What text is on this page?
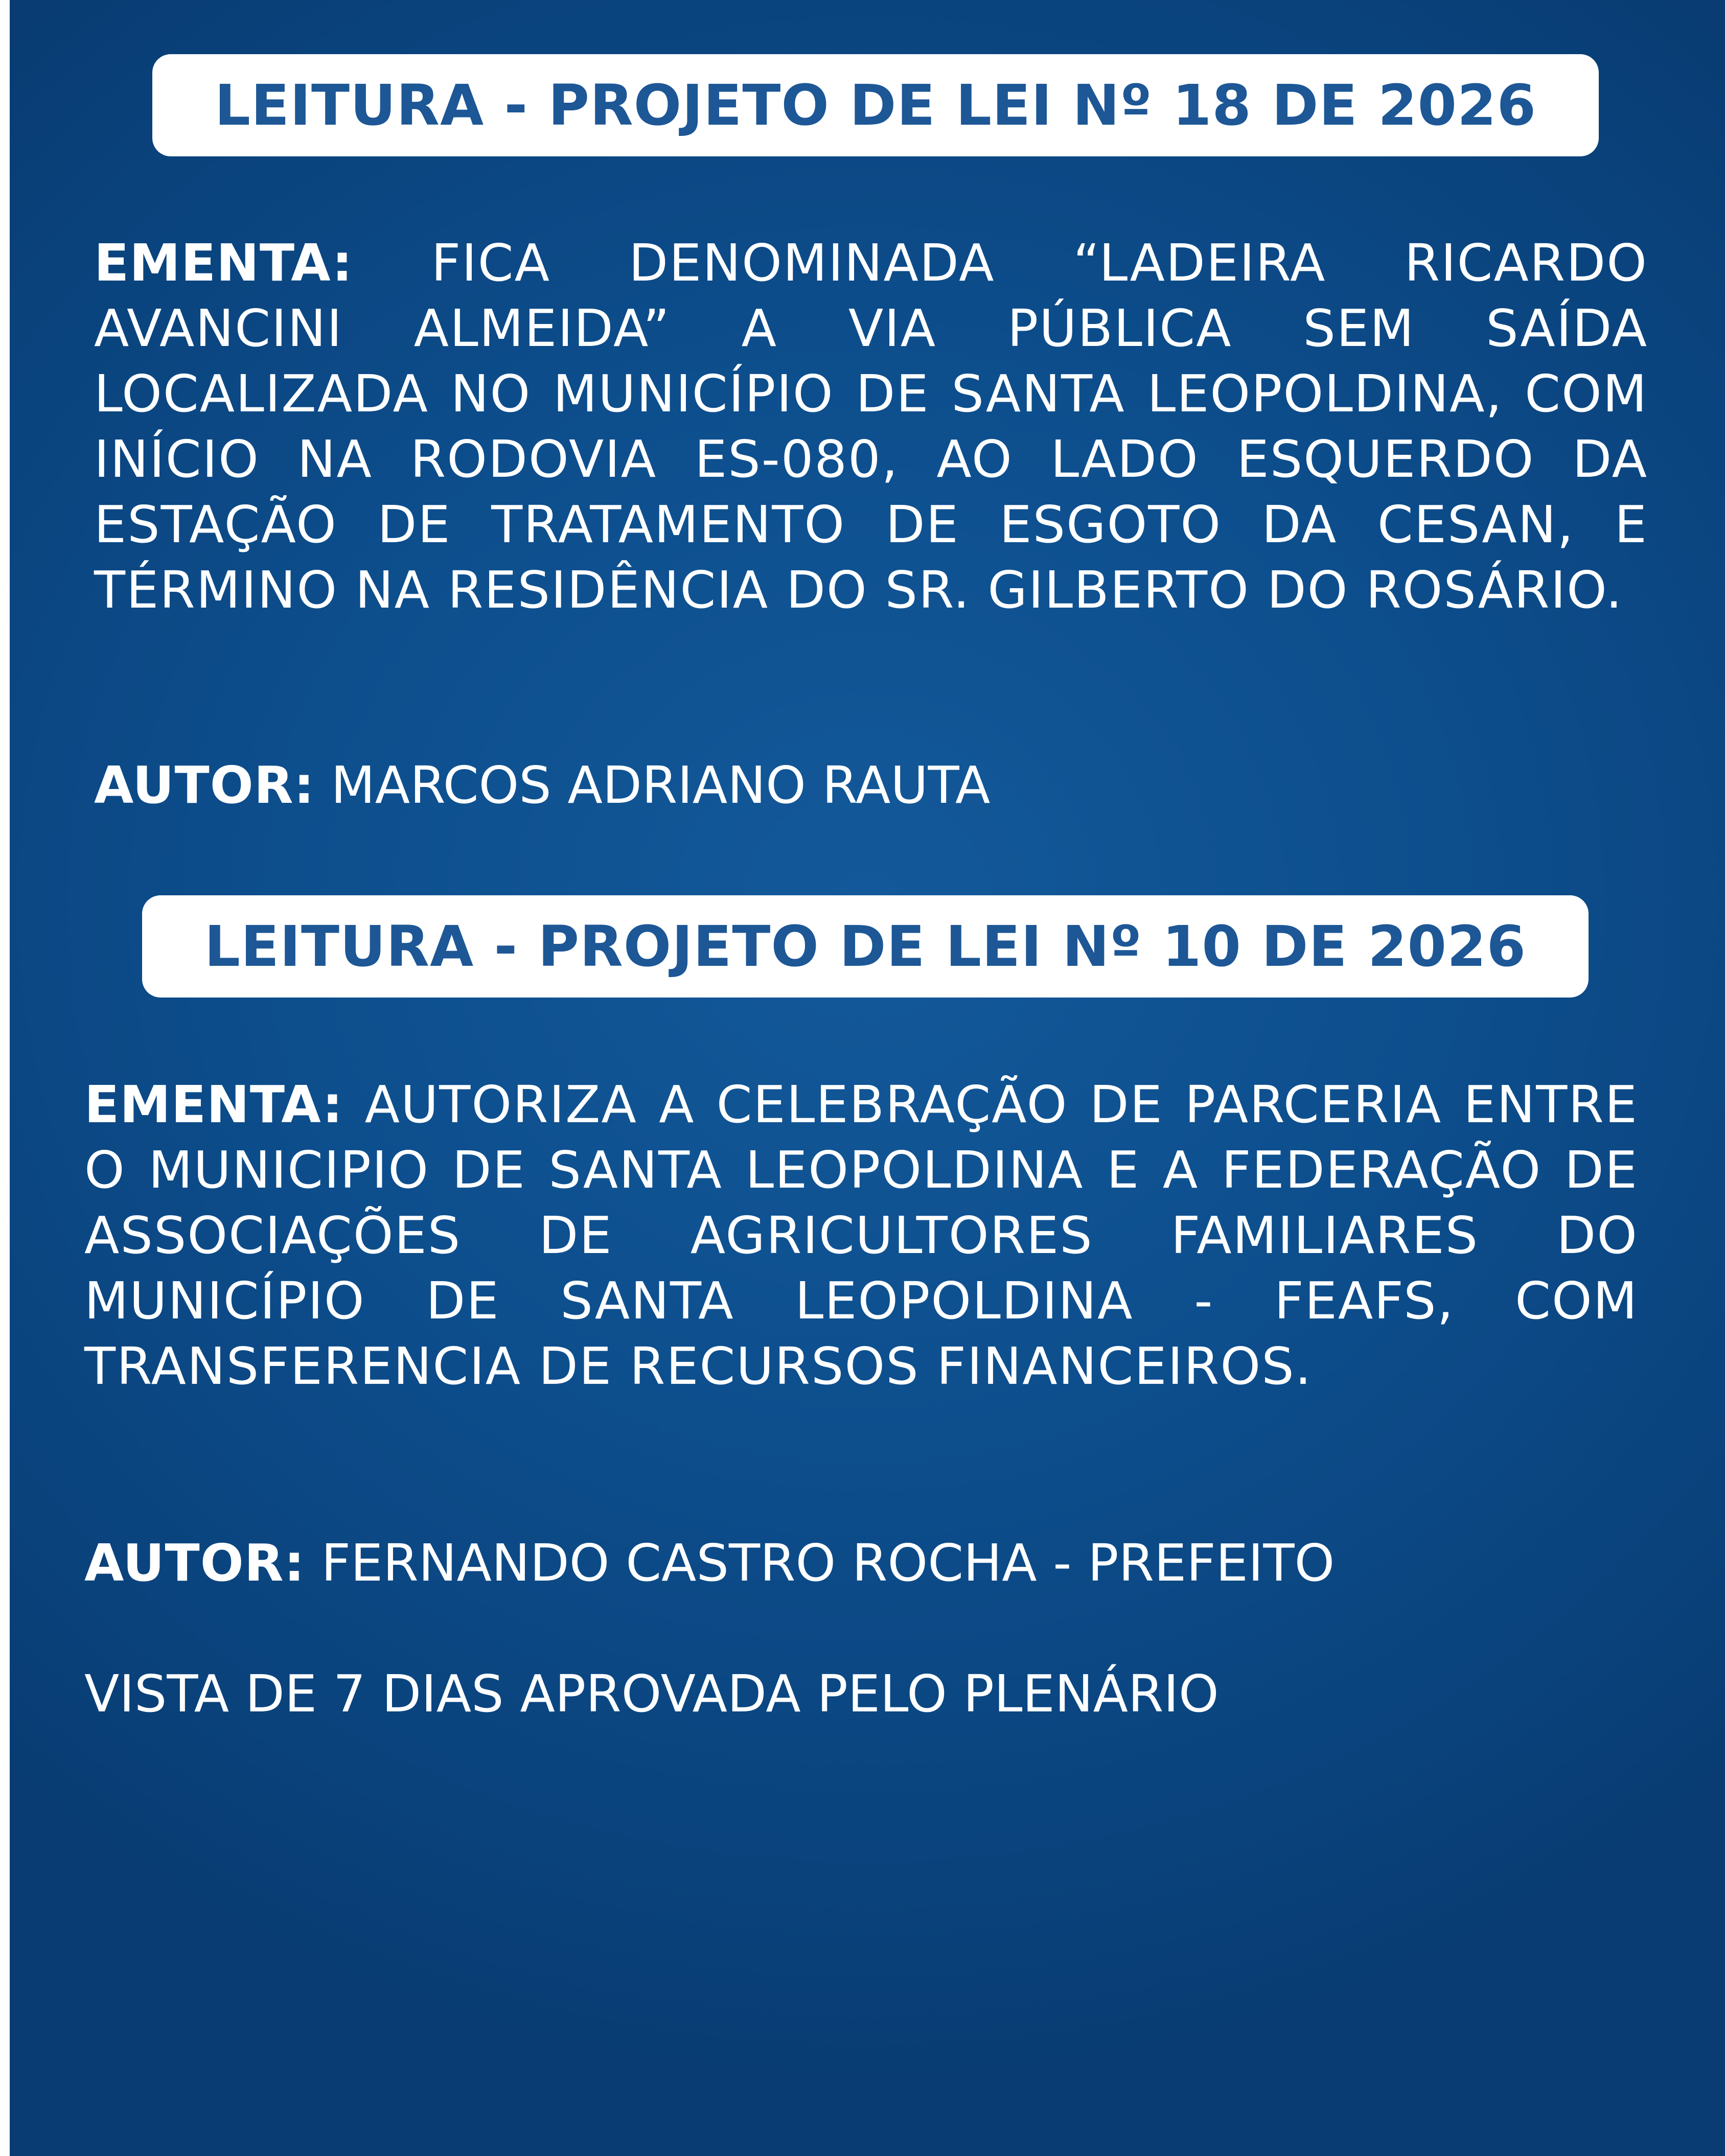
LEITURA - PROJETO DE LEI Nº 18 DE 2026

EMENTA: FICA DENOMINADA “LADEIRA RICARDO AVANCINI ALMEIDA” A VIA PÚBLICA SEM SAÍDA LOCALIZADA NO MUNICÍPIO DE SANTA LEOPOLDINA, COM INÍCIO NA RODOVIA ES-080, AO LADO ESQUERDO DA ESTAÇÃO DE TRATAMENTO DE ESGOTO DA CESAN, E TÉRMINO NA RESIDÊNCIA DO SR. GILBERTO DO ROSÁRIO.

AUTOR: MARCOS ADRIANO RAUTA

LEITURA - PROJETO DE LEI Nº 10 DE 2026

EMENTA: AUTORIZA A CELEBRAÇÃO DE PARCERIA ENTRE O MUNICIPIO DE SANTA LEOPOLDINA E A FEDERAÇÃO DE ASSOCIAÇÕES DE AGRICULTORES FAMILIARES DO MUNICÍPIO DE SANTA LEOPOLDINA - FEAFS, COM TRANSFERENCIA DE RECURSOS FINANCEIROS.

AUTOR: FERNANDO CASTRO ROCHA - PREFEITO

VISTA DE 7 DIAS APROVADA PELO PLENÁRIO
